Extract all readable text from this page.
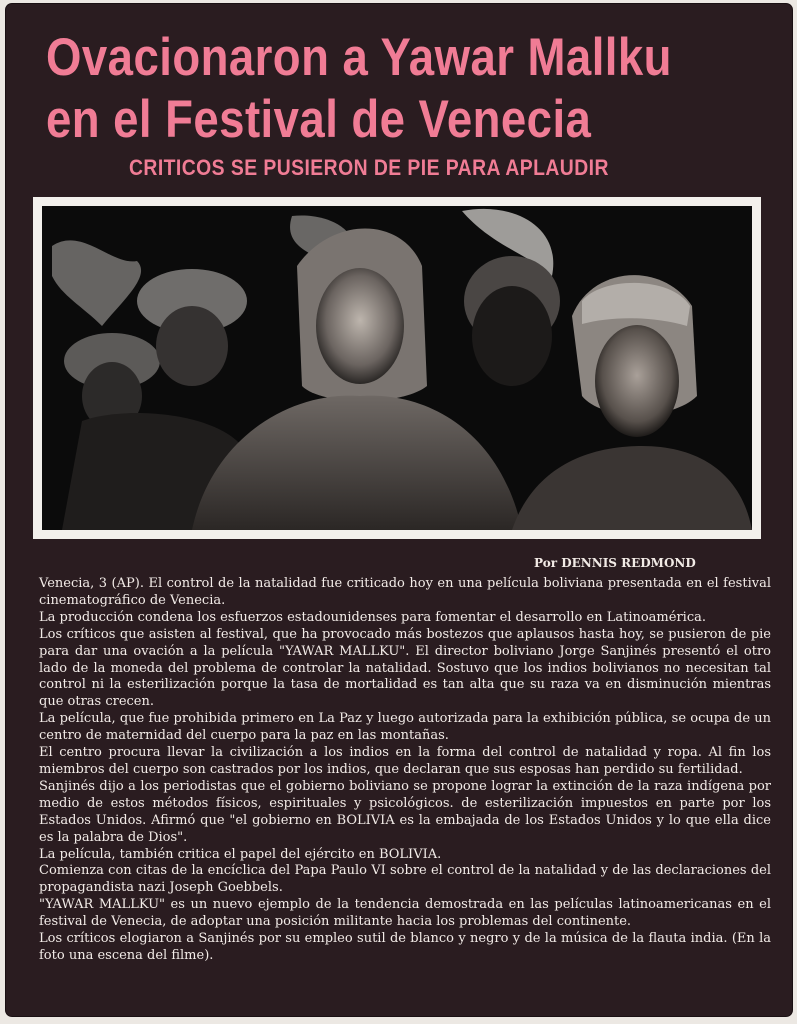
Ovacionaron a Yawar Mallku
en el Festival de Venecia
CRITICOS SE PUSIERON DE PIE PARA APLAUDIR
Por DENNIS REDMOND

Venecia, 3 (AP). El control de la natalidad fue criticado hoy en una película boliviana presentada en el festival cinematográfico de Venecia.

La producción condena los esfuerzos estadounidenses para fomentar el desarrollo en Latinoamérica.

Los críticos que asisten al festival, que ha provocado más bostezos que aplausos hasta hoy, se pusieron de pie para dar una ovación a la película "YAWAR MALLKU". El director boliviano Jorge Sanjinés presentó el otro lado de la moneda del problema de controlar la natalidad. Sostuvo que los indios bolivianos no necesitan tal control ni la esterilización porque la tasa de mortalidad es tan alta que su raza va en disminución mientras que otras crecen.

La película, que fue prohibida primero en La Paz y luego autorizada para la exhibición pública, se ocupa de un centro de maternidad del cuerpo para la paz en las montañas.

El centro procura llevar la civilización a los indios en la forma del control de natalidad y ropa. Al fin los miembros del cuerpo son castrados por los indios, que declaran que sus esposas han perdido su fertilidad.

Sanjinés dijo a los periodistas que el gobierno boliviano se propone lograr la extinción de la raza indígena por medio de estos métodos físicos, espirituales y psicológicos. de esterilización impuestos en parte por los Estados Unidos. Afirmó que "el gobierno en BOLIVIA es la embajada de los Estados Unidos y lo que ella dice es la palabra de Dios".

La película, también critica el papel del ejército en BOLIVIA.

Comienza con citas de la encíclica del Papa Paulo VI sobre el control de la natalidad y de las declaraciones del propagandista nazi Joseph Goebbels.

"YAWAR MALLKU" es un nuevo ejemplo de la tendencia demostrada en las películas latinoamericanas en el festival de Venecia, de adoptar una posición militante hacia los problemas del continente.

Los críticos elogiaron a Sanjinés por su empleo sutil de blanco y negro y de la música de la flauta india. (En la foto una escena del filme).
